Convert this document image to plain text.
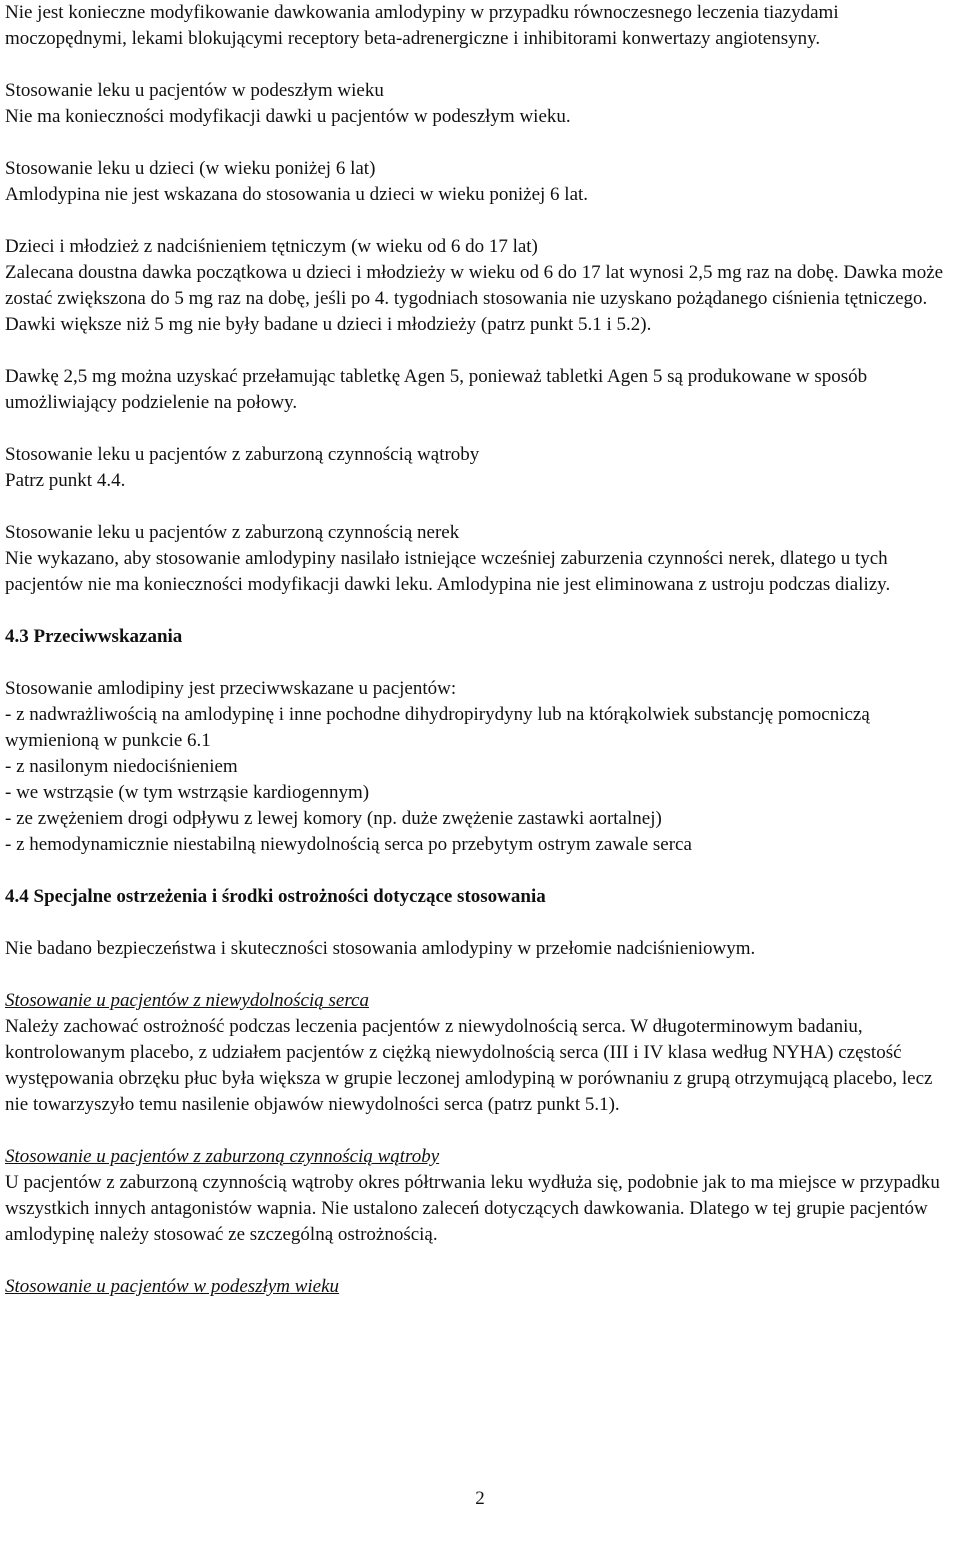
Nie jest konieczne modyfikowanie dawkowania amlodypiny w przypadku równoczesnego leczenia tiazydami moczopędnymi, lekami blokującymi receptory beta-adrenergiczne i inhibitorami konwertazy angiotensyny.

Stosowanie leku u pacjentów w podeszłym wieku

Nie ma konieczności modyfikacji dawki u pacjentów w podeszłym wieku.

Stosowanie leku u dzieci (w wieku poniżej 6 lat)

Amlodypina nie jest wskazana do stosowania u dzieci w wieku poniżej 6 lat.

Dzieci i młodzież z nadciśnieniem tętniczym (w wieku od 6 do 17 lat)

Zalecana doustna dawka początkowa u dzieci i młodzieży w wieku od 6 do 17 lat wynosi 2,5 mg raz na dobę. Dawka może zostać zwiększona do 5 mg raz na dobę, jeśli po 4. tygodniach stosowania nie uzyskano pożądanego ciśnienia tętniczego. Dawki większe niż 5 mg nie były badane u dzieci i młodzieży (patrz punkt 5.1 i 5.2).

Dawkę 2,5 mg można uzyskać przełamując tabletkę Agen 5, ponieważ tabletki Agen 5 są produkowane w sposób umożliwiający podzielenie na połowy.

Stosowanie leku u pacjentów z zaburzoną czynnością wątroby

Patrz punkt 4.4.

Stosowanie leku u pacjentów z zaburzoną czynnością nerek

Nie wykazano, aby stosowanie amlodypiny nasilało istniejące wcześniej zaburzenia czynności nerek, dlatego u tych pacjentów nie ma konieczności modyfikacji dawki leku. Amlodypina nie jest eliminowana z ustroju podczas dializy.

4.3 Przeciwwskazania

Stosowanie amlodipiny jest przeciwwskazane u pacjentów:

- z nadwrażliwością na amlodypinę i inne pochodne dihydropirydyny lub na którąkolwiek substancję pomocniczą wymienioną w punkcie 6.1

- z nasilonym niedociśnieniem

- we wstrząsie (w tym wstrząsie kardiogennym)

- ze zwężeniem drogi odpływu z lewej komory (np. duże zwężenie zastawki aortalnej)

- z hemodynamicznie niestabilną niewydolnością serca po przebytym ostrym zawale serca

4.4 Specjalne ostrzeżenia i środki ostrożności dotyczące stosowania

Nie badano bezpieczeństwa i skuteczności stosowania amlodypiny w przełomie nadciśnieniowym.

Stosowanie u pacjentów z niewydolnością serca

Należy zachować ostrożność podczas leczenia pacjentów z niewydolnością serca. W długoterminowym badaniu, kontrolowanym placebo, z udziałem pacjentów z ciężką niewydolnością serca (III i IV klasa według NYHA) częstość występowania obrzęku płuc była większa w grupie leczonej amlodypiną w porównaniu z grupą otrzymującą placebo, lecz nie towarzyszyło temu nasilenie objawów niewydolności serca (patrz punkt 5.1).

Stosowanie u pacjentów z zaburzoną czynnością wątroby

U pacjentów z zaburzoną czynnością wątroby okres półtrwania leku wydłuża się, podobnie jak to ma miejsce w przypadku wszystkich innych antagonistów wapnia. Nie ustalono zaleceń dotyczących dawkowania. Dlatego w tej grupie pacjentów amlodypinę należy stosować ze szczególną ostrożnością.

Stosowanie u pacjentów w podeszłym wieku

2
